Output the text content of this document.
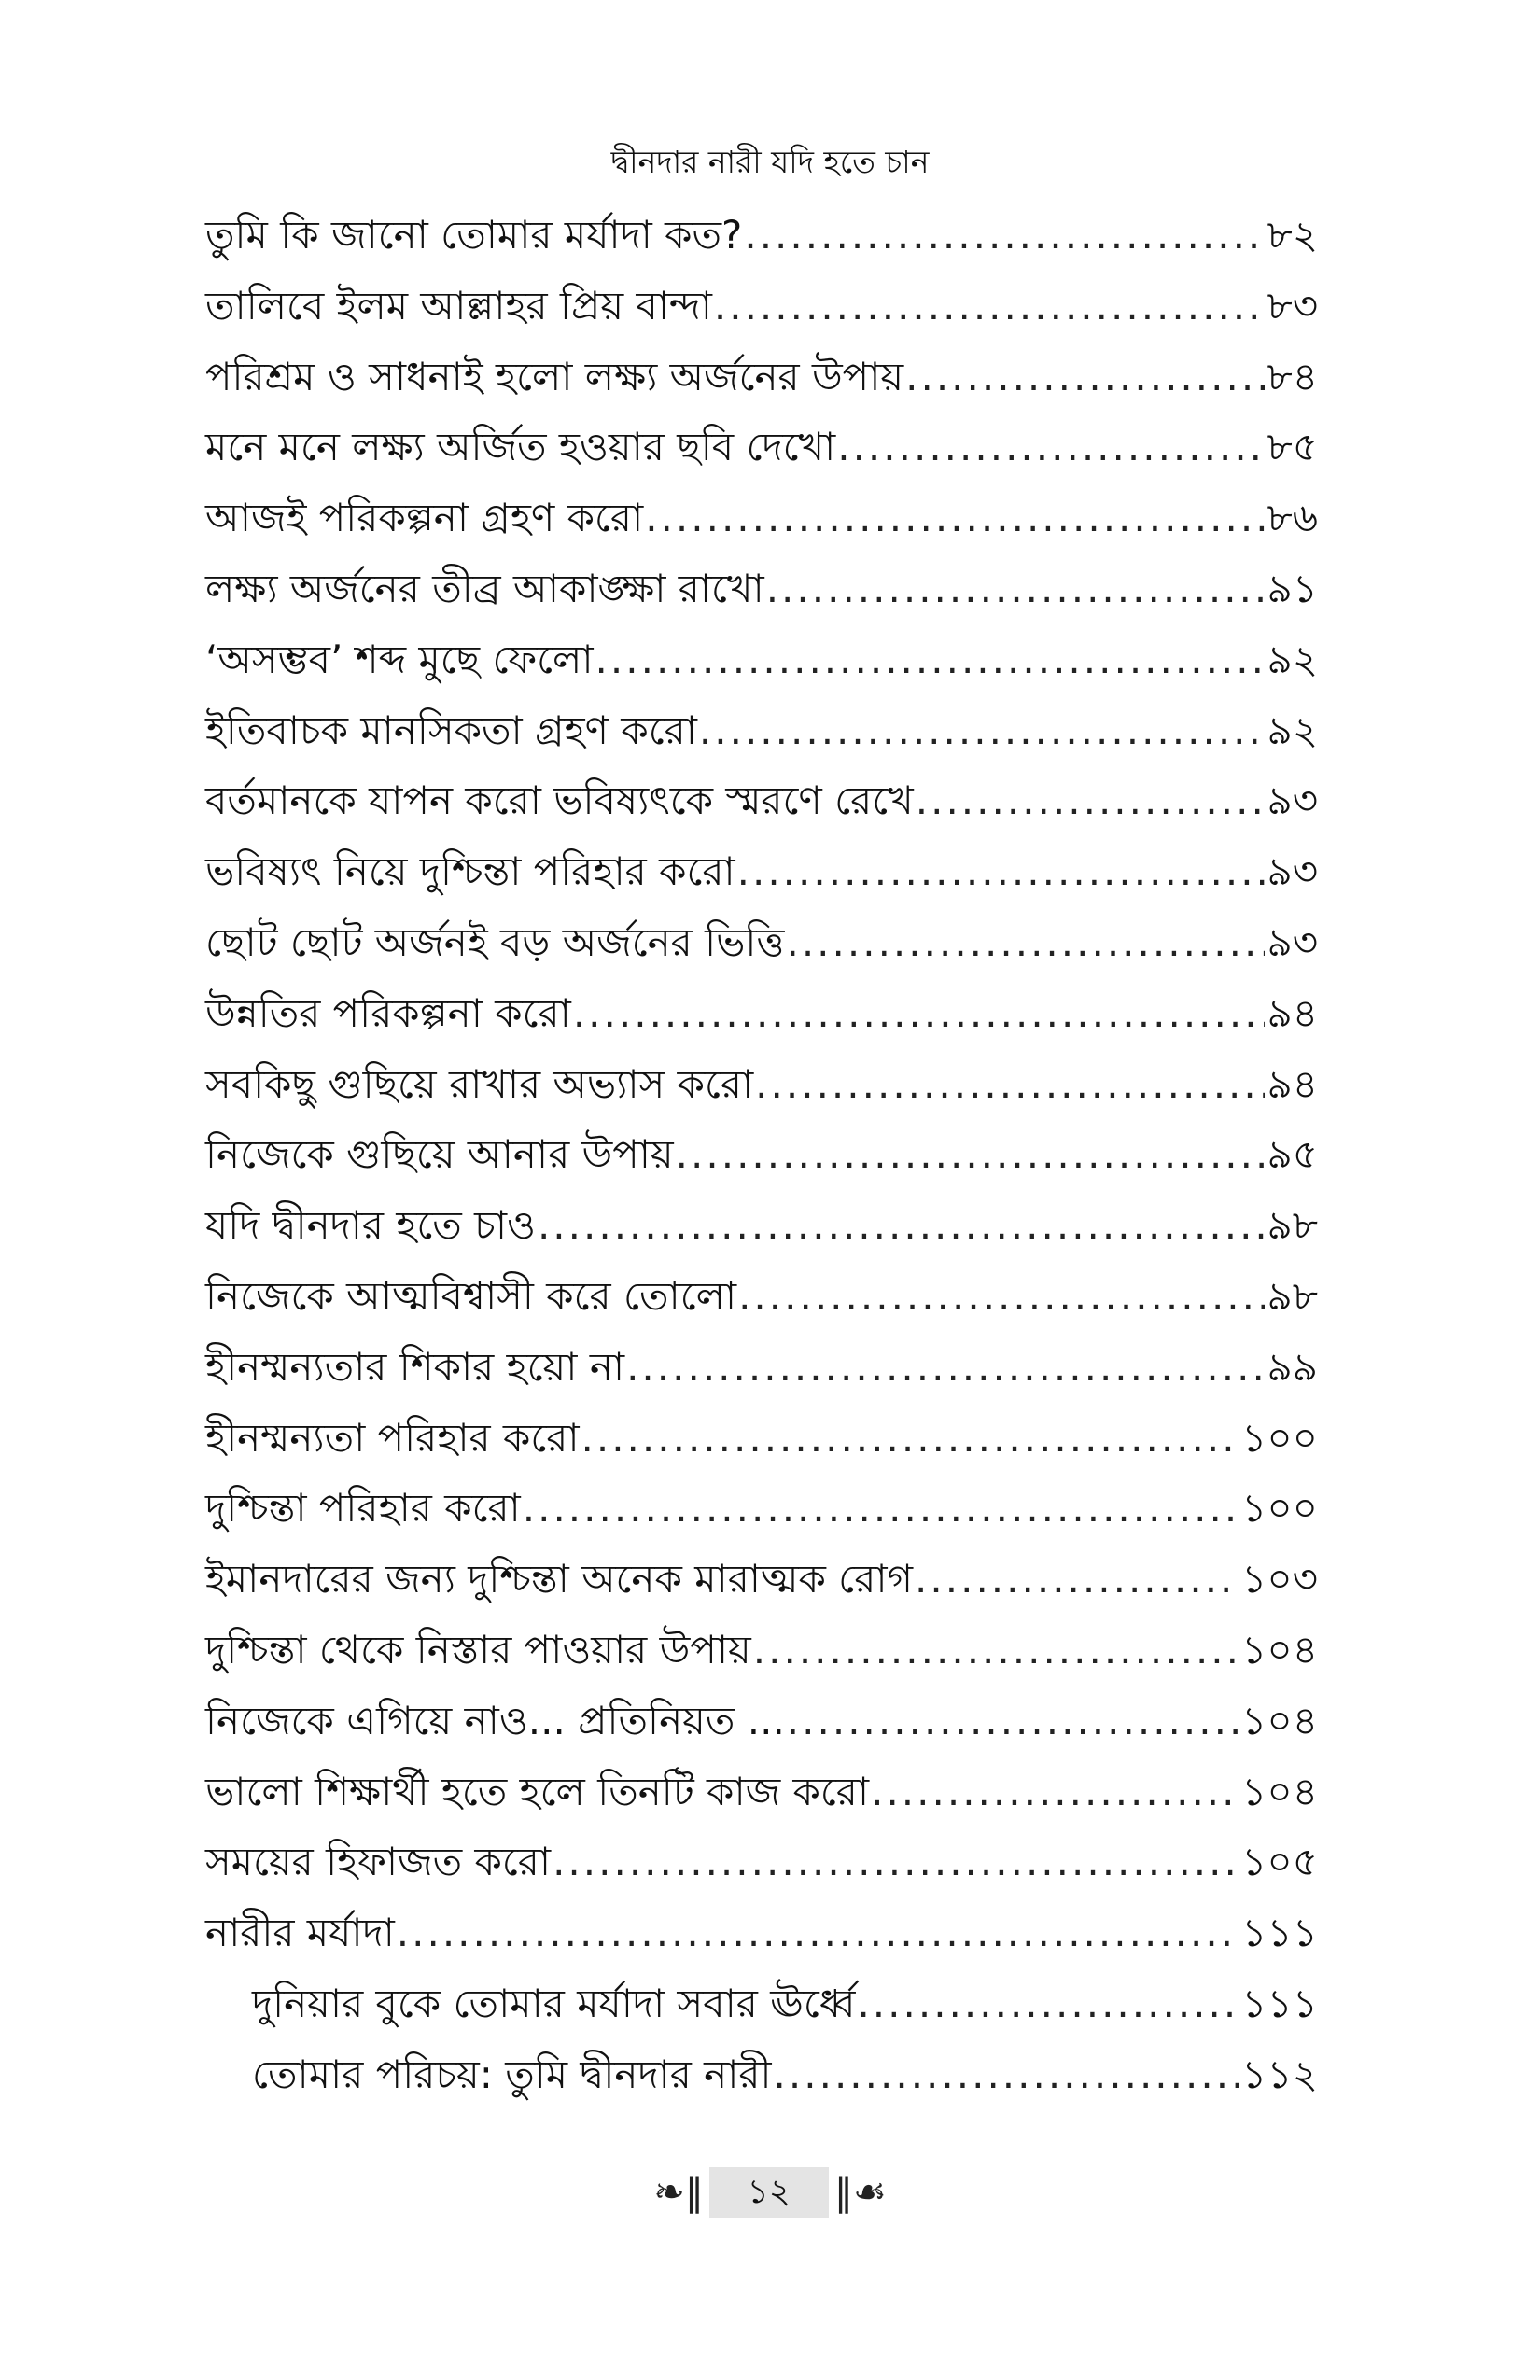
দ্বীনদার নারী যদি হতে চান
তুমি কি জানো তোমার মর্যাদা কত? .....	৮২
তালিবে ইলম আল্লাহর প্রিয় বান্দা .....	৮৩
পরিশ্রম ও সাধনাই হলো লক্ষ্য অর্জনের উপায় .....	৮৪
মনে মনে লক্ষ্য অর্জিত হওয়ার ছবি দেখো .....	৮৫
আজই পরিকল্পনা গ্রহণ করো .....	৮৬
লক্ষ্য অর্জনের তীব্র আকাঙ্ক্ষা রাখো .....	৯১
‘অসম্ভব’ শব্দ মুছে ফেলো .....	৯২
ইতিবাচক মানসিকতা গ্রহণ করো .....	৯২
বর্তমানকে যাপন করো ভবিষ্যৎকে স্মরণে রেখে .....	৯৩
ভবিষ্যৎ নিয়ে দুশ্চিন্তা পরিহার করো .....	৯৩
ছোট ছোট অর্জনই বড় অর্জনের ভিত্তি .....	৯৩
উন্নতির পরিকল্পনা করো .....	৯৪
সবকিছু গুছিয়ে রাখার অভ্যাস করো .....	৯৪
নিজেকে গুছিয়ে আনার উপায় .....	৯৫
যদি দ্বীনদার হতে চাও .....	৯৮
নিজেকে আত্মবিশ্বাসী করে তোলো .....	৯৮
হীনম্মন্যতার শিকার হয়ো না .....	৯৯
হীনম্মন্যতা পরিহার করো .....	১০০
দুশ্চিন্তা পরিহার করো .....	১০০
ইমানদারের জন্য দুশ্চিন্তা অনেক মারাত্মক রোগ .....	১০৩
দুশ্চিন্তা থেকে নিস্তার পাওয়ার উপায় .....	১০৪
নিজেকে এগিয়ে নাও... প্রতিনিয়ত ... .....	১০৪
ভালো শিক্ষার্থী হতে হলে তিনটি কাজ করো .....	১০৪
সময়ের হিফাজত করো .....	১০৫
নারীর মর্যাদা .....	১১১
দুনিয়ার বুকে তোমার মর্যাদা সবার ঊর্ধ্বে .....	১১১
তোমার পরিচয়: তুমি দ্বীনদার নারী .....	১১২
❧‖	১২	‖☙
